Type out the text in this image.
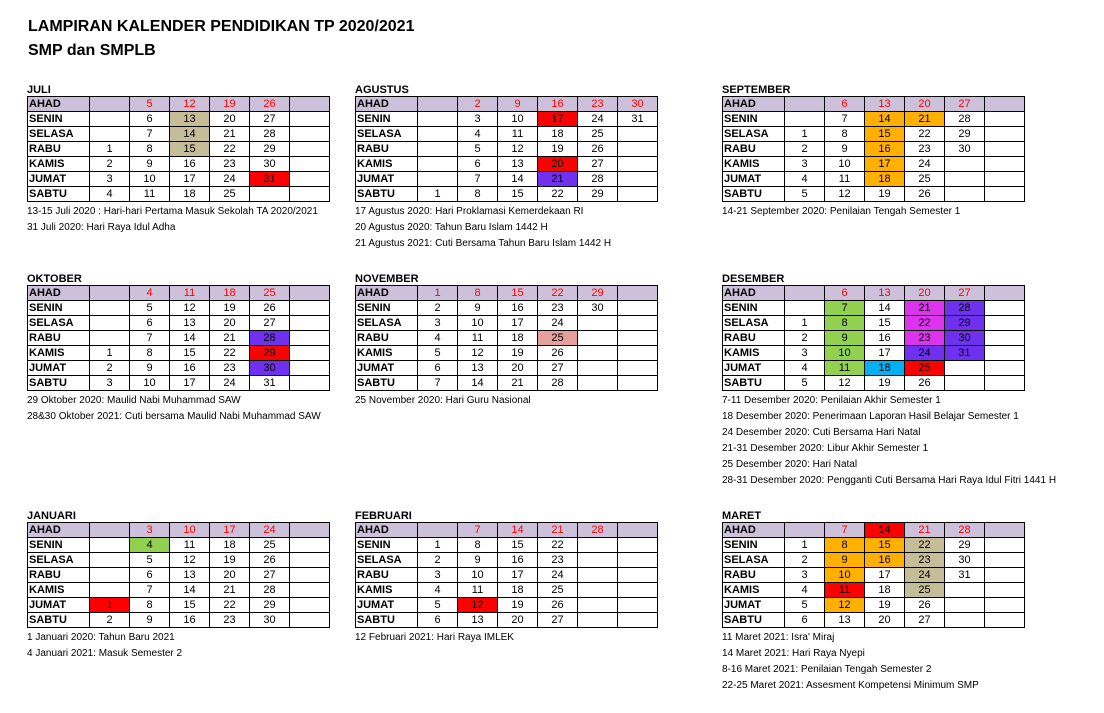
LAMPIRAN KALENDER PENDIDIKAN TP 2020/2021
SMP dan SMPLB
JULI
AHAD		5	12	19	26	
SENIN		6	13	20	27	
SELASA		7	14	21	28	
RABU	1	8	15	22	29	
KAMIS	2	9	16	23	30	
JUMAT	3	10	17	24	31	
SABTU	4	11	18	25		
13-15 Juli 2020 : Hari-hari Pertama Masuk Sekolah TA 2020/2021
31 Juli 2020: Hari Raya Idul Adha
AGUSTUS
AHAD		2	9	16	23	30
SENIN		3	10	17	24	31
SELASA		4	11	18	25	
RABU		5	12	19	26	
KAMIS		6	13	20	27	
JUMAT		7	14	21	28	
SABTU	1	8	15	22	29	
17 Agustus 2020: Hari Proklamasi Kemerdekaan RI
20 Agustus 2020: Tahun Baru Islam 1442 H
21 Agustus 2021: Cuti Bersama Tahun Baru Islam 1442 H
SEPTEMBER
AHAD		6	13	20	27	
SENIN		7	14	21	28	
SELASA	1	8	15	22	29	
RABU	2	9	16	23	30	
KAMIS	3	10	17	24		
JUMAT	4	11	18	25		
SABTU	5	12	19	26		
14-21 September 2020: Penilaian Tengah Semester 1
OKTOBER
AHAD		4	11	18	25	
SENIN		5	12	19	26	
SELASA		6	13	20	27	
RABU		7	14	21	28	
KAMIS	1	8	15	22	29	
JUMAT	2	9	16	23	30	
SABTU	3	10	17	24	31	
29 Oktober 2020: Maulid Nabi Muhammad SAW
28&30 Oktober 2021: Cuti bersama Maulid Nabi Muhammad SAW
NOVEMBER
AHAD	1	8	15	22	29	
SENIN	2	9	16	23	30	
SELASA	3	10	17	24		
RABU	4	11	18	25		
KAMIS	5	12	19	26		
JUMAT	6	13	20	27		
SABTU	7	14	21	28		
25 November 2020: Hari Guru Nasional
DESEMBER
AHAD		6	13	20	27	
SENIN		7	14	21	28	
SELASA	1	8	15	22	29	
RABU	2	9	16	23	30	
KAMIS	3	10	17	24	31	
JUMAT	4	11	18	25		
SABTU	5	12	19	26		
7-11 Desember 2020: Penilaian Akhir Semester 1
18 Desember 2020: Penerimaan Laporan Hasil Belajar Semester 1
24 Desember 2020: Cuti Bersama Hari Natal
21-31 Desember 2020: Libur Akhir Semester 1
25 Desember 2020: Hari Natal
28-31 Desember 2020: Pengganti Cuti Bersama Hari Raya Idul Fitri 1441 H
JANUARI
AHAD		3	10	17	24	
SENIN		4	11	18	25	
SELASA		5	12	19	26	
RABU		6	13	20	27	
KAMIS		7	14	21	28	
JUMAT	1	8	15	22	29	
SABTU	2	9	16	23	30	
1 Januari 2020: Tahun Baru 2021
4 Januari 2021: Masuk Semester 2
FEBRUARI
AHAD		7	14	21	28	
SENIN	1	8	15	22		
SELASA	2	9	16	23		
RABU	3	10	17	24		
KAMIS	4	11	18	25		
JUMAT	5	12	19	26		
SABTU	6	13	20	27		
12 Februari 2021: Hari Raya IMLEK
MARET
AHAD		7	14	21	28	
SENIN	1	8	15	22	29	
SELASA	2	9	16	23	30	
RABU	3	10	17	24	31	
KAMIS	4	11	18	25		
JUMAT	5	12	19	26		
SABTU	6	13	20	27		
11 Maret 2021: Isra' Miraj
14 Maret 2021: Hari Raya Nyepi
8-16 Maret 2021: Penilaian Tengah Semester 2
22-25 Maret 2021: Assesment Kompetensi Minimum SMP
